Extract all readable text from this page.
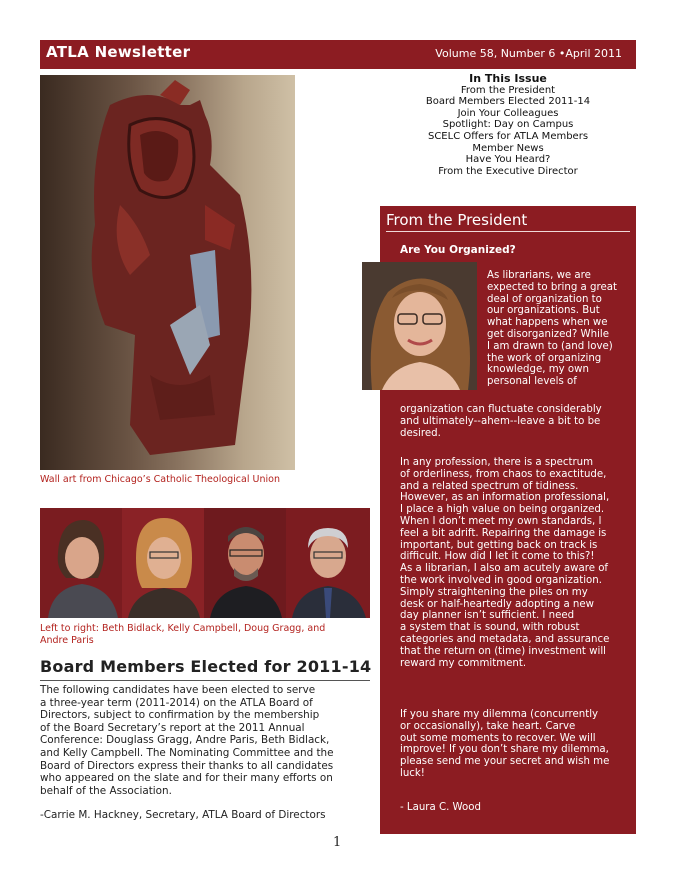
ATLA Newsletter	Volume 58, Number 6 •April 2011
In This Issue
From the President
Board Members Elected 2011-14
Join Your Colleagues
Spotlight: Day on Campus
SCELC Offers for ATLA Members
Member News
Have You Heard?
From the Executive Director
Wall art from Chicago’s Catholic Theological Union
Left to right: Beth Bidlack, Kelly Campbell, Doug Gragg, and
Andre Paris
Board Members Elected for 2011-14
The following candidates have been elected to serve
a three-year term (2011-2014) on the ATLA Board of
Directors, subject to confirmation by the membership
of the Board Secretary’s report at the 2011 Annual
Conference: Douglass Gragg, Andre Paris, Beth Bidlack,
and Kelly Campbell. The Nominating Committee and the
Board of Directors express their thanks to all candidates
who appeared on the slate and for their many efforts on
behalf of the Association.
-Carrie M. Hackney, Secretary, ATLA Board of Directors
1
From the President
Are You Organized?
As librarians, we are
expected to bring a great
deal of organization to
our organizations. But
what happens when we
get disorganized? While
I am drawn to (and love)
the work of organizing
knowledge, my own
personal levels of
organization can fluctuate considerably
and ultimately--ahem--leave a bit to be
desired.
In any profession, there is a spectrum
of orderliness, from chaos to exactitude,
and a related spectrum of tidiness.
However, as an information professional,
I place a high value on being organized.
When I don’t meet my own standards, I
feel a bit adrift. Repairing the damage is
important, but getting back on track is
difficult. How did I let it come to this?!
As a librarian, I also am acutely aware of
the work involved in good organization.
Simply straightening the piles on my
desk or half-heartedly adopting a new
day planner isn’t sufficient. I need
a system that is sound, with robust
categories and metadata, and assurance
that the return on (time) investment will
reward my commitment.
If you share my dilemma (concurrently
or occasionally), take heart. Carve
out some moments to recover. We will
improve! If you don’t share my dilemma,
please send me your secret and wish me
luck!
- Laura C. Wood
